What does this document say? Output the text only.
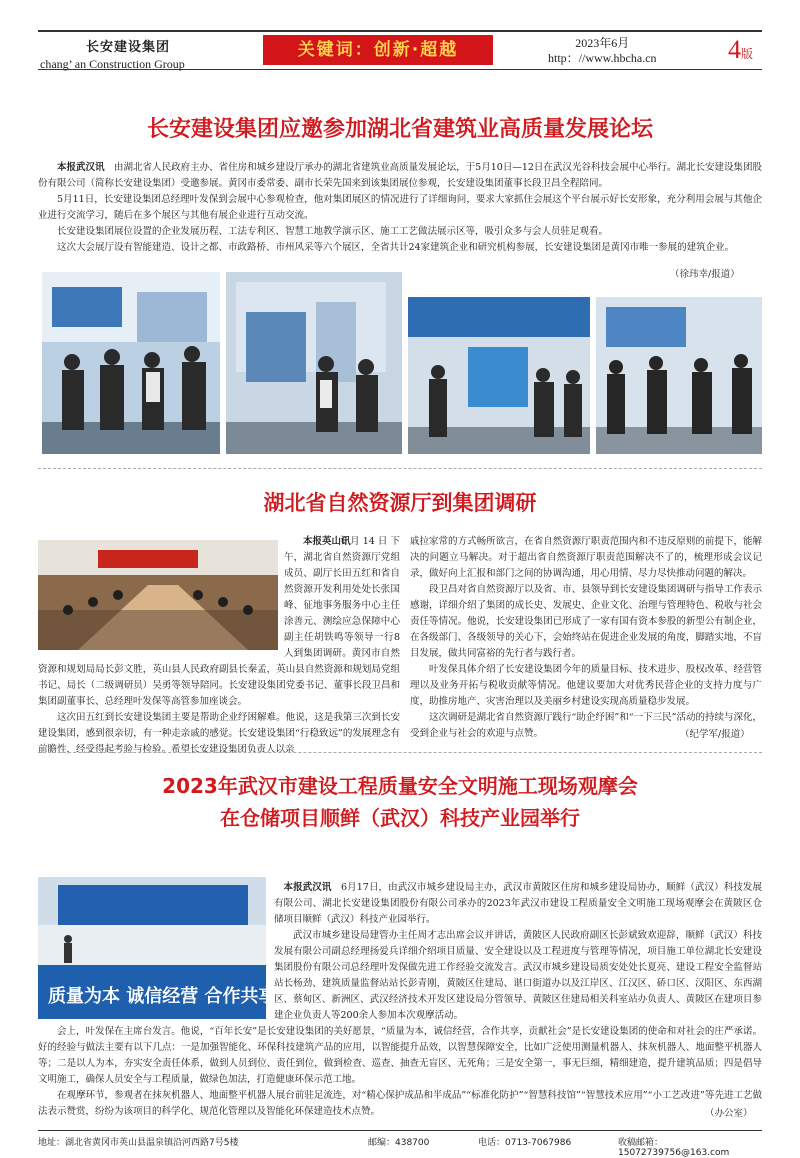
长安建设集团
chang’ an Construction Group
关键词：创新·超越	2023年6月
http：//www.hbcha.cn	4版
长安建设集团应邀参加湖北省建筑业高质量发展论坛

本报武汉讯　 由湖北省人民政府主办、省住房和城乡建设厅承办的湖北省建筑业高质量发展论坛，于5月10日—12日在武汉光谷科技会展中心举行。湖北长安建设集团股份有限公司（简称长安建设集团）受邀参展。黄冈市委常委、副市长荣先国来到该集团展位参观，长安建设集团董事长段卫昌全程陪同。

5月11日，长安建设集团总经理叶发保到会展中心参观检查，他对集团展区的情况进行了详细询问，要求大家抓住会展这个平台展示好长安形象，充分利用会展与其他企业进行交流学习，随后在多个展区与其他有展企业进行互动交流。

长安建设集团展位设置的企业发展历程、工法专利区、智慧工地教学演示区、施工工艺做法展示区等，吸引众多与会人员驻足观看。

这次大会展厅设有智能建造、设计之都、市政路桥、市州风采等六个展区，全省共计24家建筑企业和研究机构参展，长安建设集团是黄冈市唯一参展的建筑企业。

（徐玮幸/报道）
湖北省自然资源厅到集团调研

本报英山讯

6月14日下午，湖北省自然资源厅党组成员、副厅长田五红和省自然资源开发利用处处长张国峰、征地事务服务中心主任涂善元、测绘应急保障中心副主任胡铁鸣等领导一行8人到集团调研。黄冈市自然资源和规划局局长彭文胜，英山县人民政府副县长秦孟，英山县自然资源和规划局党组书记、局长（二级调研员）吴勇等领导陪同。长安建设集团党委书记、董事长段卫昌和集团副董事长、总经理叶发保等高管参加座谈会。

这次田五红到长安建设集团主要是帮助企业纾困解难。他说，这是我第三次到长安建设集团，感到很亲切，有一种走亲戚的感觉。长安建设集团“行稳致远”的发展理念有前瞻性，经受得起考验与检验。希望长安建设集团负责人以亲

戚拉家常的方式畅所欲言，在省自然资源厅职责范围内和不违反原则的前提下，能解决的问题立马解决。对于超出省自然资源厅职责范围解决不了的，梳理形成会议记录，做好向上汇报和部门之间的协调沟通，用心用情、尽力尽快推动问题的解决。

段卫昌对省自然资源厅以及省、市、县领导到长安建设集团调研与指导工作表示感谢，详细介绍了集团的成长史、发展史、企业文化、治理与管理特色、税收与社会责任等情况。他说，长安建设集团已形成了一家有国有资本参股的新型公有制企业，在各级部门、各级领导的关心下，会始终站在促进企业发展的角度，脚踏实地，不盲目发展，做共同富裕的先行者与践行者。

叶发保具体介绍了长安建设集团今年的质量目标、技术进步、股权改革、经营管理以及业务开拓与税收贡献等情况。他建议要加大对优秀民营企业的支持力度与广度，助推房地产、灾害治理以及美丽乡村建设实现高质量稳步发展。

这次调研是湖北省自然资源厅践行“助企纾困”和“一下三民”活动的持续与深化，受到企业与社会的欢迎与点赞。	（纪学军/报道）
2023年武汉市建设工程质量安全文明施工现场观摩会
在仓储项目顺鲜（武汉）科技产业园举行
质量为本 诚信经营 合作共享 贡献社会

本报武汉讯　 6月17日，由武汉市城乡建设局主办，武汉市黄陂区住房和城乡建设局协办，顺鲜（武汉）科技发展有限公司、湖北长安建设集团股份有限公司承办的2023年武汉市建设工程质量安全文明施工现场观摩会在黄陂区仓储项目顺鲜（武汉）科技产业园举行。

武汉市城乡建设局建管办主任周才志出席会议并讲话，黄陂区人民政府副区长彭斌致欢迎辞，顺鲜（武汉）科技发展有限公司副总经理扬爱兵详细介绍项目质量、安全建设以及工程进度与管理等情况，项目施工单位湖北长安建设集团股份有限公司总经理叶发保做先进工作经验交流发言。武汉市城乡建设局质安处处长夏亮、建设工程安全监督站站长杨劲、建筑质量监督站站长彭青刚，黄陂区住建局、谌口街道办以及江岸区、江汉区、硚口区、汉阳区、东西湖区、蔡甸区、新洲区、武汉经济技术开发区建设局分管领导、黄陂区住建局相关科室站办负责人、黄陂区在建项目参建企业负责人等200余人参加本次观摩活动。

会上，叶发保在主席台发言。他说，“百年长安”是长安建设集团的美好愿景，“质量为本，诚信经营，合作共享，贡献社会”是长安建设集团的使命和对社会的庄严承诺。好的经验与做法主要有以下几点：一是加强智能化、环保科技建筑产品的应用，以智能提升品效，以智慧保障安全，比如广泛使用测量机器人、抹灰机器人、地面整平机器人等；二是以人为本，夯实安全责任体系，做到人员到位、责任到位，做到检查、巡查、抽查无盲区、无死角；三是安全第一，事无巨细，精细建造，提升建筑品质；四是倡导文明施工，确保人员安全与工程质量，做绿色加法，打造健康环保示范工地。

在观摩环节，参观者在抹灰机器人、地面整平机器人展台前驻足流连，对“精心保护成品和半成品”“标准化防护”“智慧科技馆”“智慧技术应用”“小工艺改进”等先进工艺做法表示赞赏，纷纷为该项目的科学化、规范化管理以及智能化环保建造技术点赞。	（办公室）
地址：湖北省黄冈市英山县温泉镇沿河西路7号5楼	邮编：438700	电话：0713-7067986	收稿邮箱：15072739756@163.com
